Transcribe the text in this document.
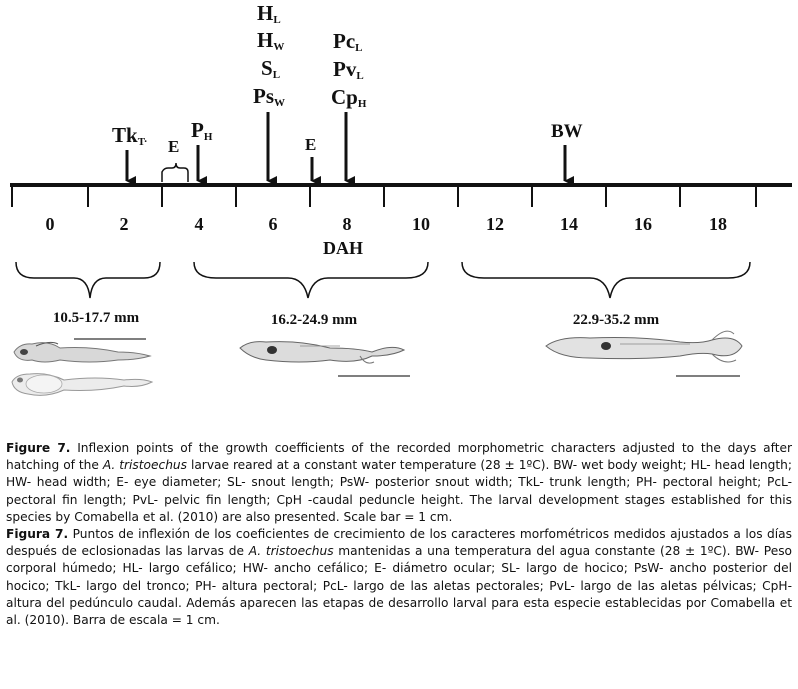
0	2	4	6	8	10	12	14	16	18
DAH
TkT. E
PH
HL
HW
SL
PsW
E
PcL
PvL
CpH
BW
10.5-17.7 mm	16.2-24.9 mm	22.9-35.2 mm

Figure 7. Inflexion points of the growth coefficients of the recorded morphometric characters adjusted to the days after hatching of the A. tristoechus larvae reared at a constant water temperature (28 ± 1ºC). BW- wet body weight; HL- head length; HW- head width; E- eye diameter; SL- snout length; PsW- posterior snout width; TkL- trunk length; PH- pectoral height; PcL- pectoral fin length; PvL- pelvic fin length; CpH -caudal peduncle height. The larval development stages established for this species by Comabella et al. (2010) are also presented. Scale bar = 1 cm.

Figura 7. Puntos de inflexión de los coeficientes de crecimiento de los caracteres morfométricos medidos ajustados a los días después de eclosionadas las larvas de A. tristoechus mantenidas a una temperatura del agua constante (28 ± 1ºC). BW- Peso corporal húmedo; HL- largo cefálico; HW- ancho cefálico; E- diámetro ocular; SL- largo de hocico; PsW- ancho posterior del hocico; TkL- largo del tronco; PH- altura pectoral; PcL- largo de las aletas pectorales; PvL- largo de las aletas pélvicas; CpH- altura del pedúnculo caudal. Además aparecen las etapas de desarrollo larval para esta especie establecidas por Comabella et al. (2010). Barra de escala = 1 cm.
